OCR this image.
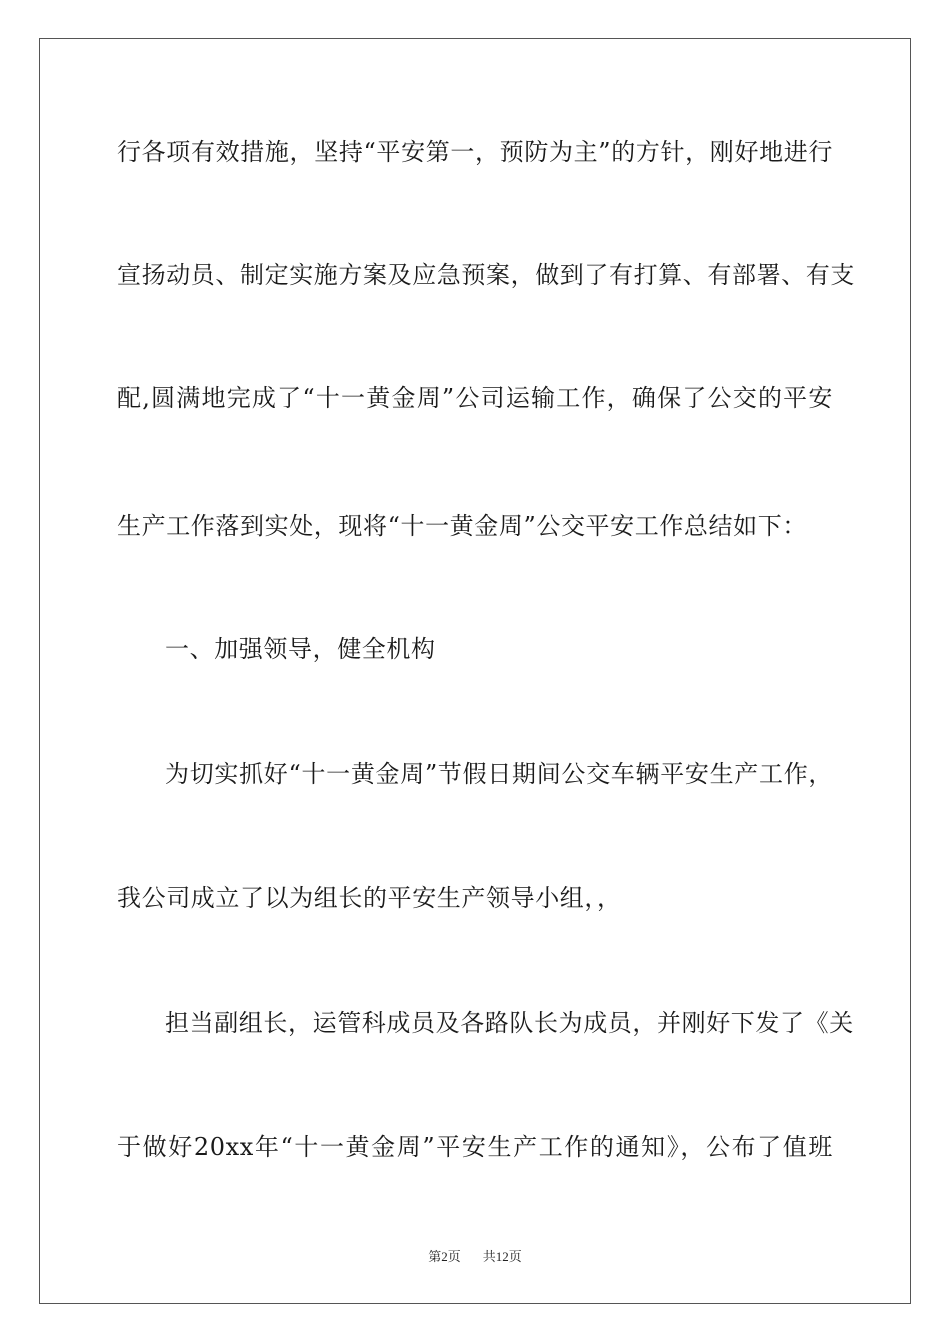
行各项有效措施，坚持“平安第一，预防为主”的方针，刚好地进行
宣扬动员、制定实施方案及应急预案，做到了有打算、有部署、有支
配,圆满地完成了“十一黄金周”公司运输工作，确保了公交的平安
生产工作落到实处，现将“十一黄金周”公交平安工作总结如下：
一、加强领导，健全机构
为切实抓好“十一黄金周”节假日期间公交车辆平安生产工作，
我公司成立了以为组长的平安生产领导小组，，
担当副组长，运管科成员及各路队长为成员，并刚好下发了《关
于做好20xx年“十一黄金周”平安生产工作的通知》，公布了值班
第2页 共12页
